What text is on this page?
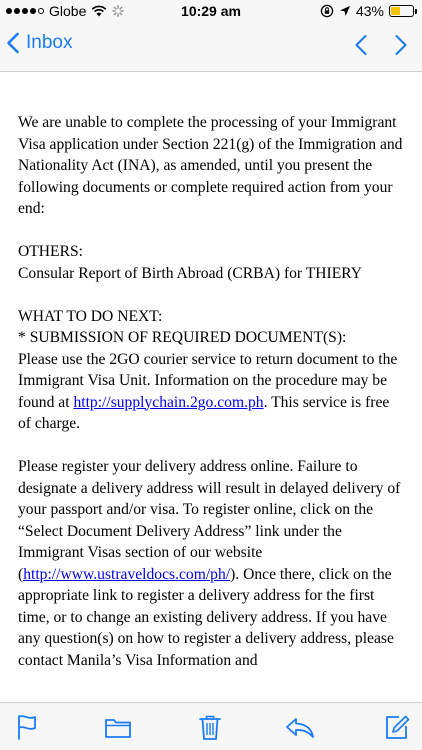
Globe	10:29 am	43%
Inbox

We are unable to complete the processing of your Immigrant Visa application under Section 221(g) of the Immigration and Nationality Act (INA), as amended, until you present the following documents or complete required action from your end:

OTHERS:

Consular Report of Birth Abroad (CRBA) for THIERY

WHAT TO DO NEXT:

* SUBMISSION OF REQUIRED DOCUMENT(S):

Please use the 2GO courier service to return document to the Immigrant Visa Unit. Information on the procedure may be found at http://supplychain.2go.com.ph. This service is free of charge.

Please register your delivery address online. Failure to designate a delivery address will result in delayed delivery of your passport and/or visa. To register online, click on the “Select Document Delivery Address” link under the Immigrant Visas section of our website (http://www.ustraveldocs.com/ph/). Once there, click on the appropriate link to register a delivery address for the first time, or to change an existing delivery address. If you have any question(s) on how to register a delivery address, please contact Manila’s Visa Information and
